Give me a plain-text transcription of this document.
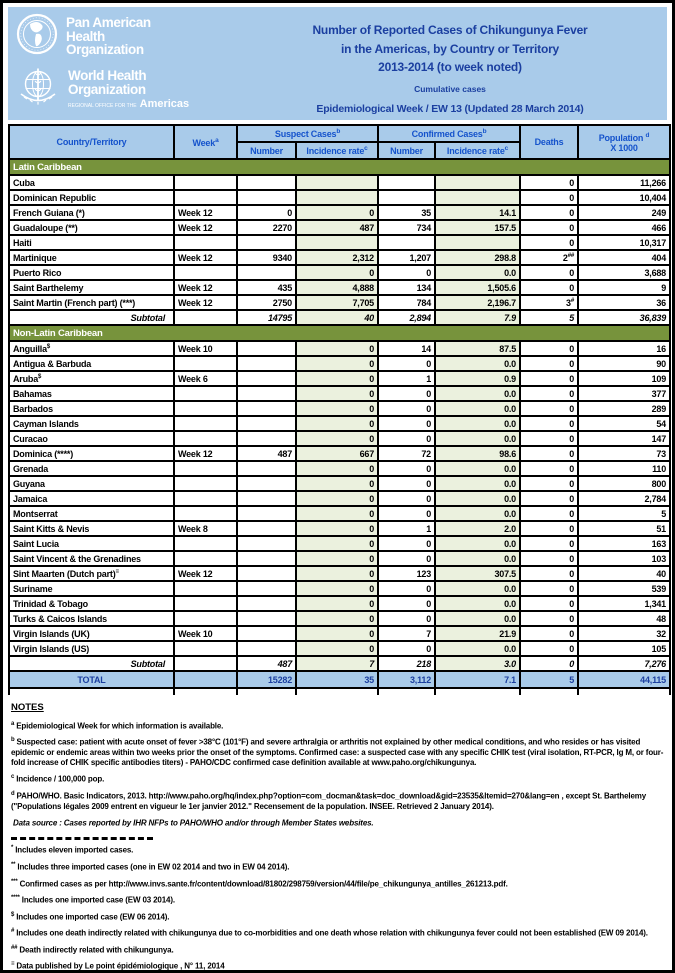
Pan American
Health
Organization
World Health
Organization
REGIONAL OFFICE FOR THE Americas
Number of Reported Cases of Chikungunya Fever
in the Americas, by Country or Territory
2013-2014 (to week noted)
Cumulative cases
Epidemiological Week / EW 13 (Updated 28 March 2014)
Country/Territory	Week$^a$	Suspect Cases$^b$		Confirmed Cases$^b$		Deaths	Population $^d$
X 1000
		Number	Incidence rate$^c$	Number	Incidence rate$^c$
Latin Caribbean							
Cuba						0	11,266
Dominican Republic						0	10,404
French Guiana (*)	Week 12	0	0	35	14.1	0	249
Guadaloupe (**)	Week 12	2270	487	734	157.5	0	466
Haiti						0	10,317
Martinique	Week 12	9340	2,312	1,207	298.8	2##	404
Puerto Rico			0	0	0.0	0	3,688
Saint Barthelemy	Week 12	435	4,888	134	1,505.6	0	9
Saint Martin (French part) (***)	Week 12	2750	7,705	784	2,196.7	3#	36
Subtotal		14795	40	2,894	7.9	5	36,839
Non-Latin Caribbean							
Anguilla$	Week 10		0	14	87.5	0	16
Antigua & Barbuda			0	0	0.0	0	90
Aruba$	Week 6		0	1	0.9	0	109
Bahamas			0	0	0.0	0	377
Barbados			0	0	0.0	0	289
Cayman Islands			0	0	0.0	0	54
Curacao			0	0	0.0	0	147
Dominica (****)	Week 12	487	667	72	98.6	0	73
Grenada			0	0	0.0	0	110
Guyana			0	0	0.0	0	800
Jamaica			0	0	0.0	0	2,784
Montserrat			0	0	0.0	0	5
Saint Kitts & Nevis	Week 8		0	1	2.0	0	51
Saint Lucia			0	0	0.0	0	163
Saint Vincent & the Grenadines			0	0	0.0	0	103
Sint Maarten (Dutch part)≡	Week 12		0	123	307.5	0	40
Suriname			0	0	0.0	0	539
Trinidad & Tobago			0	0	0.0	0	1,341
Turks & Caicos Islands			0	0	0.0	0	48
Virgin Islands (UK)	Week 10		0	7	21.9	0	32
Virgin Islands (US)			0	0	0.0	0	105
Subtotal		487	7	218	3.0	0	7,276
TOTAL		15282	35	3,112	7.1	5	44,115

NOTES
$^a$ Epidemiological Week for which information is available.
$^b$ Suspected case: patient with acute onset of fever >38°C (101°F) and severe arthralgia or arthritis not explained by other medical conditions, and who resides or has visited epidemic or endemic areas within two weeks prior the onset of the symptoms. Confirmed case: a suspected case with any specific CHIK test (viral isolation, RT-PCR, Ig M, or four-fold increase of CHIK specific antibodies titers) - PAHO/CDC confirmed case definition available at www.paho.org/chikungunya.
$^c$ Incidence / 100,000 pop.
$^d$ PAHO/WHO. Basic Indicators, 2013. http://www.paho.org/hq/index.php?option=com_docman&task=doc_download&gid=23535&Itemid=270&lang=en , except St. Barthelemy ("Populations légales 2009 entrent en vigueur le 1er janvier 2012." Recensement de la population. INSEE. Retrieved 2 January 2014).
Data source : Cases reported by IHR NFPs to PAHO/WHO and/or through Member States websites.
* Includes eleven imported cases.
** Includes three imported cases (one in EW 02 2014 and two in EW 04 2014).
*** Confirmed cases as per http://www.invs.sante.fr/content/download/81802/298759/version/44/file/pe_chikungunya_antilles_261213.pdf.
**** Includes one imported case (EW 03 2014).
$ Includes one imported case (EW 06 2014).
# Includes one death indirectly related with chikungunya due to co-morbidities and one death whose relation with chikungunya fever could not been established (EW 09 2014).
## Death indirectly related with chikungunya.
≡ Data published by Le point épidémiologique , N° 11, 2014
